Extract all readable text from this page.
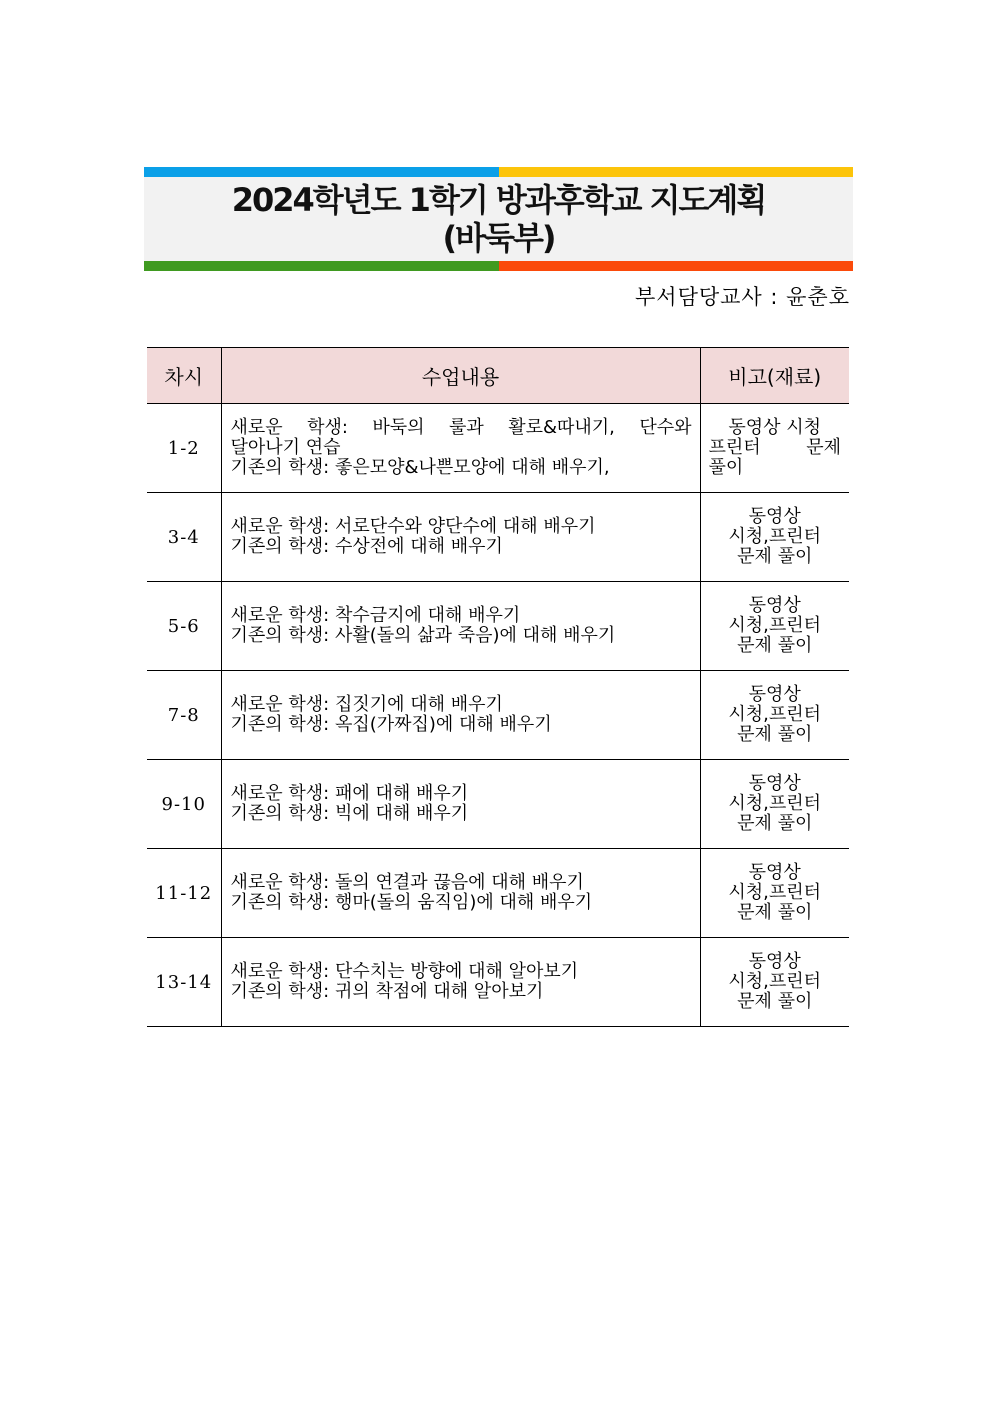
2024학년도 1학기 방과후학교 지도계획
(바둑부)
부서담당교사 : 윤춘호
차시	수업내용	비고(재료)
1-2	새로운 학생: 바둑의 룰과 활로&따내기, 단수와
달아나기 연습
기존의 학생: 좋은모양&나쁜모양에 대해 배우기,	동영상 시청
프린터 문제
풀이

3-4	새로운 학생: 서로단수와 양단수에 대해 배우기
기존의 학생: 수상전에 대해 배우기	동영상
시청,프린터
문제 풀이

5-6	새로운 학생: 착수금지에 대해 배우기
기존의 학생: 사활(돌의 삶과 죽음)에 대해 배우기	동영상
시청,프린터
문제 풀이

7-8	새로운 학생: 집짓기에 대해 배우기
기존의 학생: 옥집(가짜집)에 대해 배우기	동영상
시청,프린터
문제 풀이

9-10	새로운 학생: 패에 대해 배우기
기존의 학생: 빅에 대해 배우기	동영상
시청,프린터
문제 풀이

11-12	새로운 학생: 돌의 연결과 끊음에 대해 배우기
기존의 학생: 행마(돌의 움직임)에 대해 배우기	동영상
시청,프린터
문제 풀이

13-14	새로운 학생: 단수치는 방향에 대해 알아보기
기존의 학생: 귀의 착점에 대해 알아보기	동영상
시청,프린터
문제 풀이
